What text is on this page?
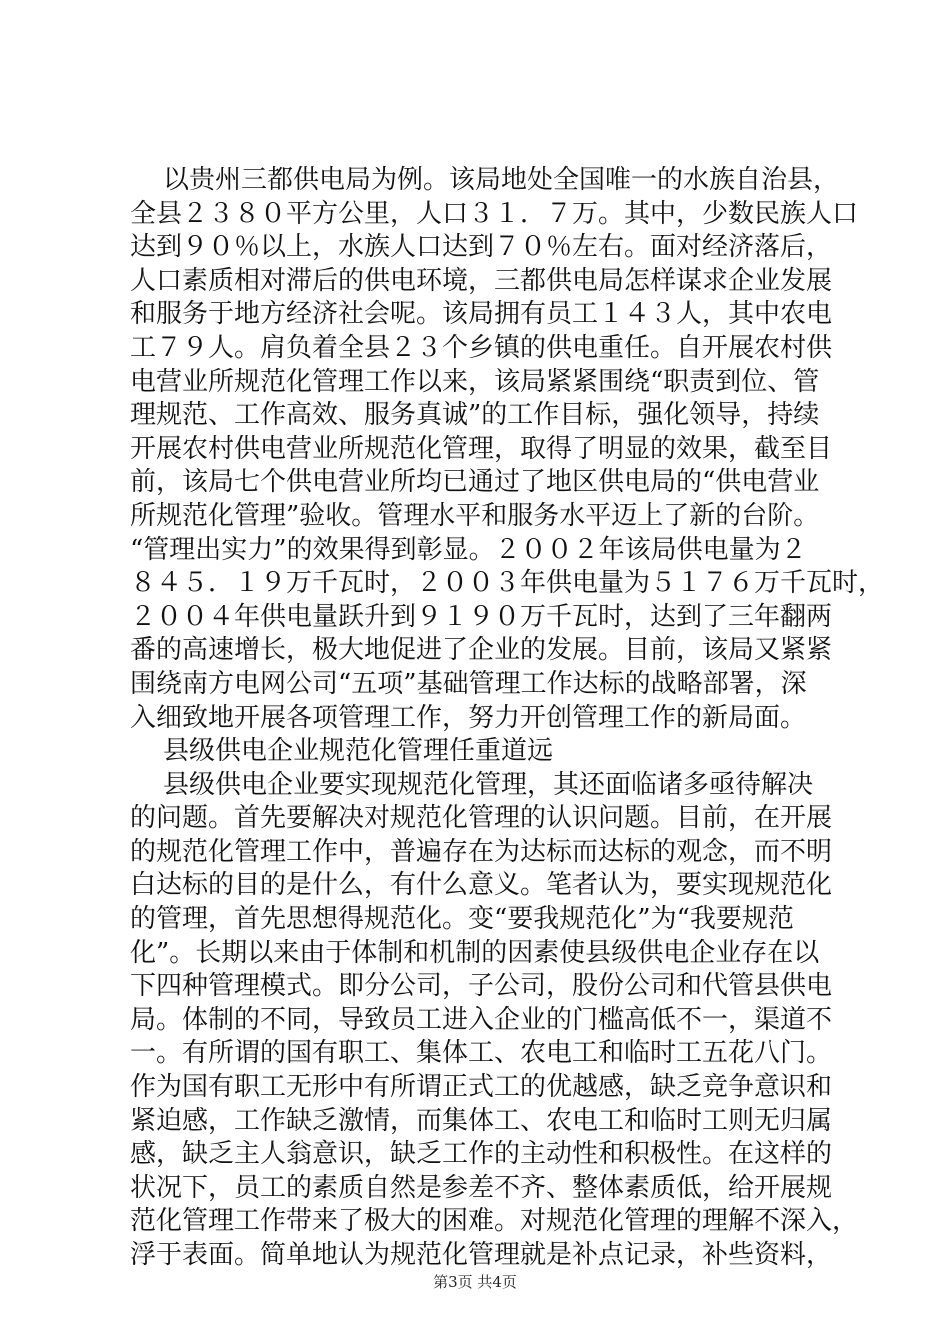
以贵州三都供电局为例。该局地处全国唯一的水族自治县，
全县２３８０平方公里，人口３１．７万。其中，少数民族人口
达到９０％以上，水族人口达到７０％左右。面对经济落后，
人口素质相对滞后的供电环境，三都供电局怎样谋求企业发展
和服务于地方经济社会呢。该局拥有员工１４３人，其中农电
工７９人。肩负着全县２３个乡镇的供电重任。自开展农村供
电营业所规范化管理工作以来，该局紧紧围绕“职责到位、管
理规范、工作高效、服务真诚”的工作目标，强化领导，持续
开展农村供电营业所规范化管理，取得了明显的效果，截至目
前，该局七个供电营业所均已通过了地区供电局的“供电营业
所规范化管理”验收。管理水平和服务水平迈上了新的台阶。
“管理出实力”的效果得到彰显。２００２年该局供电量为２
８４５．１９万千瓦时，２００３年供电量为５１７６万千瓦时，
２００４年供电量跃升到９１９０万千瓦时，达到了三年翻两
番的高速增长，极大地促进了企业的发展。目前，该局又紧紧
围绕南方电网公司“五项”基础管理工作达标的战略部署，深
入细致地开展各项管理工作，努力开创管理工作的新局面。
县级供电企业规范化管理任重道远
县级供电企业要实现规范化管理，其还面临诸多亟待解决
的问题。首先要解决对规范化管理的认识问题。目前，在开展
的规范化管理工作中，普遍存在为达标而达标的观念，而不明
白达标的目的是什么，有什么意义。笔者认为，要实现规范化
的管理，首先思想得规范化。变“要我规范化”为“我要规范
化”。长期以来由于体制和机制的因素使县级供电企业存在以
下四种管理模式。即分公司，子公司，股份公司和代管县供电
局。体制的不同，导致员工进入企业的门槛高低不一，渠道不
一。有所谓的国有职工、集体工、农电工和临时工五花八门。
作为国有职工无形中有所谓正式工的优越感，缺乏竞争意识和
紧迫感，工作缺乏激情，而集体工、农电工和临时工则无归属
感，缺乏主人翁意识，缺乏工作的主动性和积极性。在这样的
状况下，员工的素质自然是参差不齐、整体素质低，给开展规
范化管理工作带来了极大的困难。对规范化管理的理解不深入，
浮于表面。简单地认为规范化管理就是补点记录，补些资料，
第3页 共4页
